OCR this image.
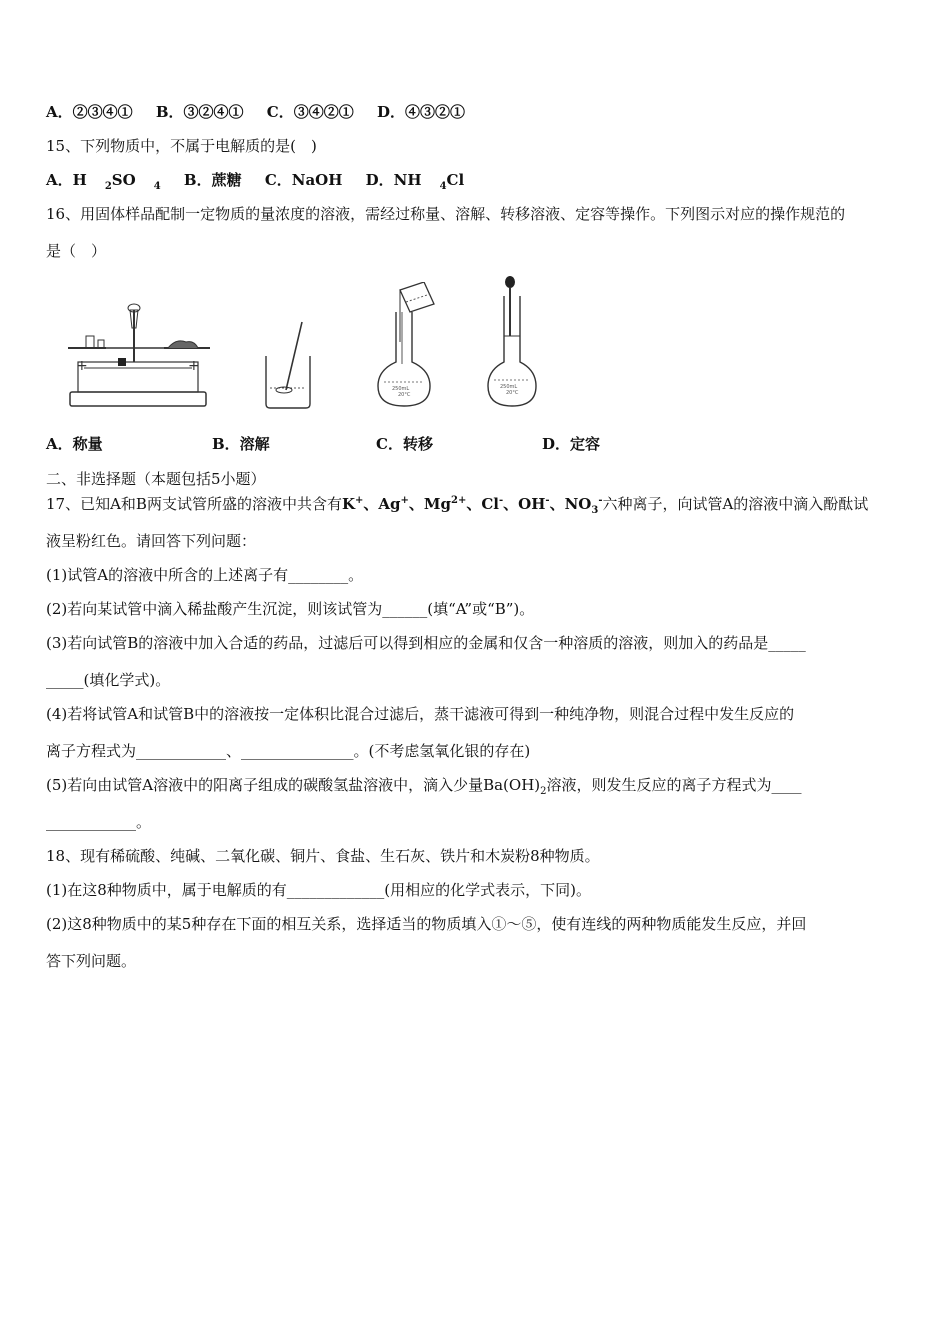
A．②③④① B．③②④① C．③④②① D．④③②①
15、下列物质中，不属于电解质的是(　)
A．H $_2$SO $_4$ B．蔗糖 C．NaOH D．NH $_4$Cl
16、用固体样品配制一定物质的量浓度的溶液，需经过称量、溶解、转移溶液、定容等操作。下列图示对应的操作规范的
是（　）
+	+
250mL
20°C
250mL
20°C
A．称量	B．溶解	C．转移	D．定容
二、非选择题（本题包括5小题）
17、已知A和B两支试管所盛的溶液中共含有K+、Ag+、$Mg^{2+}$、Cl-、OH-、$NO_3^-$六种离子，向试管A的溶液中滴入酚酞试
液呈粉红色。请回答下列问题：
(1)试管A的溶液中所含的上述离子有________。
(2)若向某试管中滴入稀盐酸产生沉淀，则该试管为______(填“A”或“B”)。
(3)若向试管B的溶液中加入合适的药品，过滤后可以得到相应的金属和仅含一种溶质的溶液，则加入的药品是_____
_____(填化学式)。
(4)若将试管A和试管B中的溶液按一定体积比混合过滤后，蒸干滤液可得到一种纯净物，则混合过程中发生反应的
离子方程式为____________、_______________。(不考虑氢氧化银的存在)
(5)若向由试管A溶液中的阳离子组成的碳酸氢盐溶液中，滴入少量$Ba(OH)_2$溶液，则发生反应的离子方程式为____
____________。
18、现有稀硫酸、纯碱、二氧化碳、铜片、食盐、生石灰、铁片和木炭粉8种物质。
(1)在这8种物质中，属于电解质的有_____________(用相应的化学式表示，下同)。
(2)这8种物质中的某5种存在下面的相互关系，选择适当的物质填入①～⑤，使有连线的两种物质能发生反应，并回
答下列问题。
